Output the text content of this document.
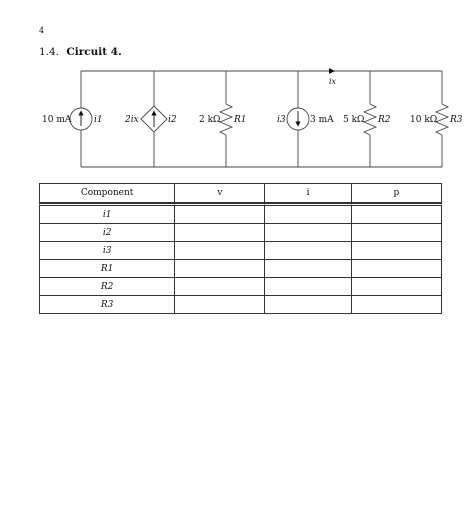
4
1.4. Circuit 4.
10 mA	i1 2ix	i2 2 kΩ R1	i3	3 mA 5 kΩ R2 10 kΩ R3
ix
Component	v	i	p
i1			
i2			
i3			
R1			
R2			
R3			
